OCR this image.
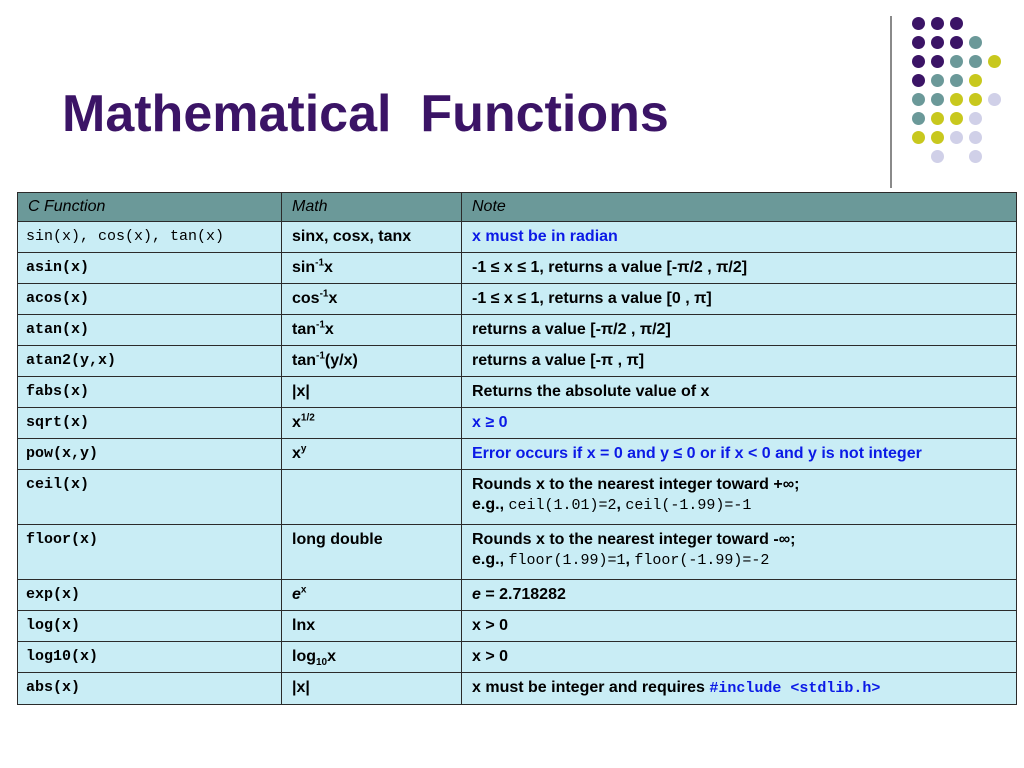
Mathematical  Functions
C Function	Math	Note
sin(x), cos(x), tan(x)	sinx, cosx, tanx	x must be in radian
asin(x)	$\sin^{-1}x$	-1 ≤ x ≤ 1, returns a value [-π/2 , π/2]
acos(x)	$\cos^{-1}x$	-1 ≤ x ≤ 1, returns a value [0 , π]
atan(x)	$\tan^{-1}x$	returns a value [-π/2 , π/2]
atan2(y,x)	$\tan^{-1}(y/x)$	returns a value [-π , π]
fabs(x)	|x|	Returns the absolute value of x
sqrt(x)	$x^{1/2}$	x ≥ 0
pow(x,y)	$x^y$	Error occurs if x = 0 and y ≤ 0 or if x < 0 and y is not integer
ceil(x)		Rounds x to the nearest integer toward +∞;
e.g., ceil(1.01)=2, ceil(-1.99)=-1
floor(x)	long double	Rounds x to the nearest integer toward -∞;
e.g., floor(1.99)=1, floor(-1.99)=-2
exp(x)	$e^x$	e = 2.718282
log(x)	lnx	x > 0
log10(x)	$\log_{10}x$	x > 0
abs(x)	|x|	x must be integer and requires #include <stdlib.h>
